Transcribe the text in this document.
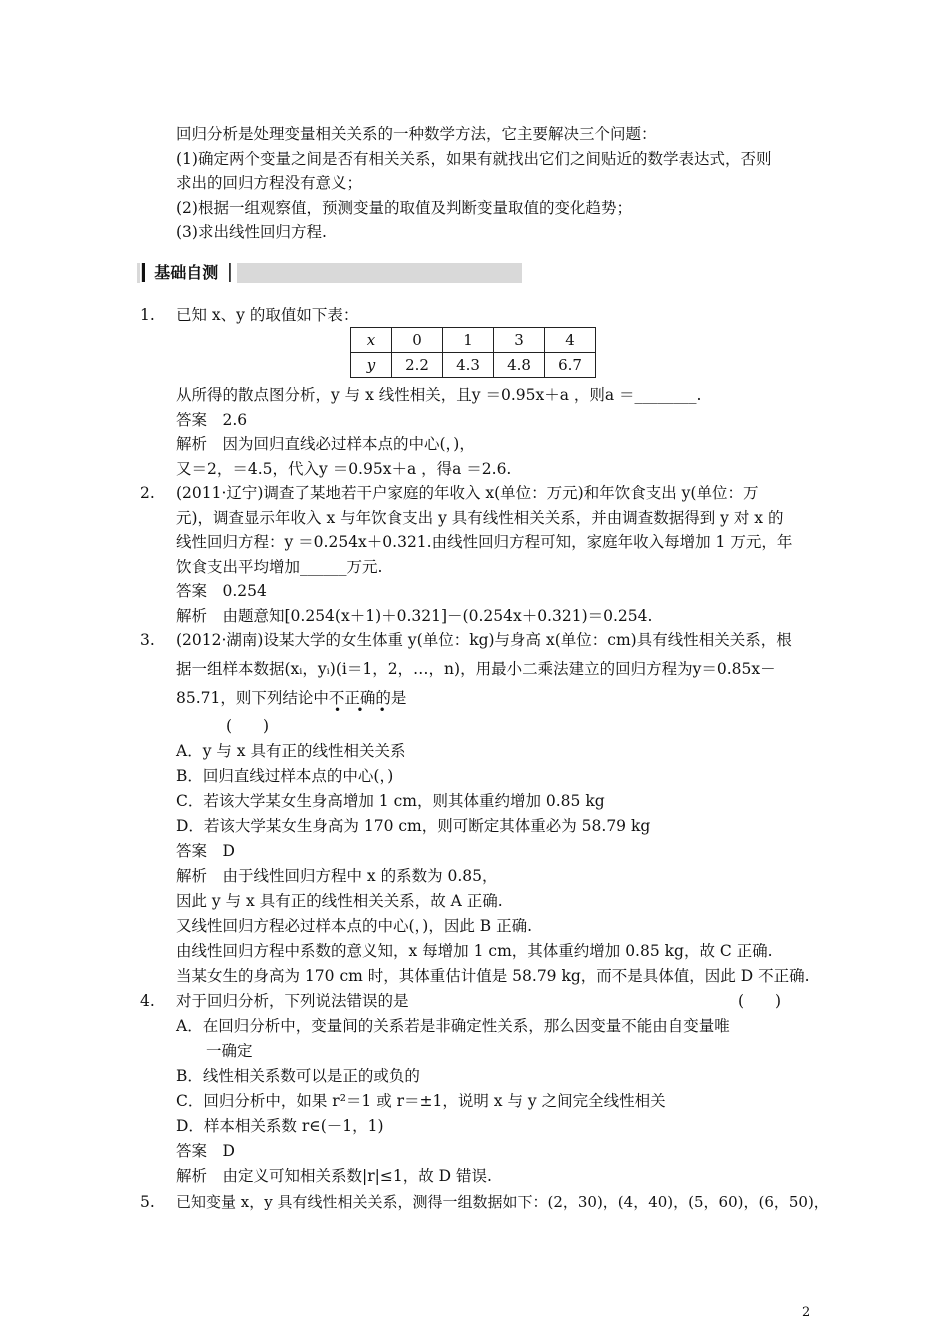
回归分析是处理变量相关关系的一种数学方法，它主要解决三个问题：
(1)确定两个变量之间是否有相关关系，如果有就找出它们之间贴近的数学表达式，否则
求出的回归方程没有意义；
(2)根据一组观察值，预测变量的取值及判断变量取值的变化趋势；
(3)求出线性回归方程.
▎基础自测▕
1. 已知 x、y 的取值如下表：
x	0	1	3	4
y	2.2	4.3	4.8	6.7
从所得的散点图分析，y 与 x 线性相关，且y ＝0.95x＋a ，则a ＝________.
答案　2.6
解析　因为回归直线必过样本点的中心(，)，
又＝2，＝4.5，代入y ＝0.95x＋a ，得a ＝2.6.
2. (2011·辽宁)调查了某地若干户家庭的年收入 x(单位：万元)和年饮食支出 y(单位：万
元)，调查显示年收入 x 与年饮食支出 y 具有线性相关关系，并由调查数据得到 y 对 x 的
线性回归方程：y ＝0.254x＋0.321.由线性回归方程可知，家庭年收入每增加 1 万元，年
饮食支出平均增加______万元.
答案　0.254
解析　由题意知[0.254(x＋1)＋0.321]－(0.254x＋0.321)＝0.254.
3. (2012·湖南)设某大学的女生体重 y(单位：kg)与身高 x(单位：cm)具有线性相关关系，根
据一组样本数据(xᵢ，yᵢ)(i＝1，2，…，n)，用最小二乘法建立的回归方程为y＝0.85x－
85.71，则下列结论中不正确的是
•    •    •
(　　)
A．y 与 x 具有正的线性相关关系
B．回归直线过样本点的中心(，)
C．若该大学某女生身高增加 1 cm，则其体重约增加 0.85 kg
D．若该大学某女生身高为 170 cm，则可断定其体重必为 58.79 kg
答案　D
解析　由于线性回归方程中 x 的系数为 0.85，
因此 y 与 x 具有正的线性相关关系，故 A 正确.
又线性回归方程必过样本点的中心(，)，因此 B 正确.
由线性回归方程中系数的意义知，x 每增加 1 cm，其体重约增加 0.85 kg，故 C 正确.
当某女生的身高为 170 cm 时，其体重估计值是 58.79 kg，而不是具体值，因此 D 不正确.
4. 对于回归分析，下列说法错误的是	(　　)
A．在回归分析中，变量间的关系若是非确定性关系，那么因变量不能由自变量唯
一确定
B．线性相关系数可以是正的或负的
C．回归分析中，如果 r²＝1 或 r＝±1，说明 x 与 y 之间完全线性相关
D．样本相关系数 r∈(－1，1)
答案　D
解析　由定义可知相关系数|r|≤1，故 D 错误.
5. 已知变量 x，y 具有线性相关关系，测得一组数据如下：(2，30)，(4，40)，(5，60)，(6，50)，
2
